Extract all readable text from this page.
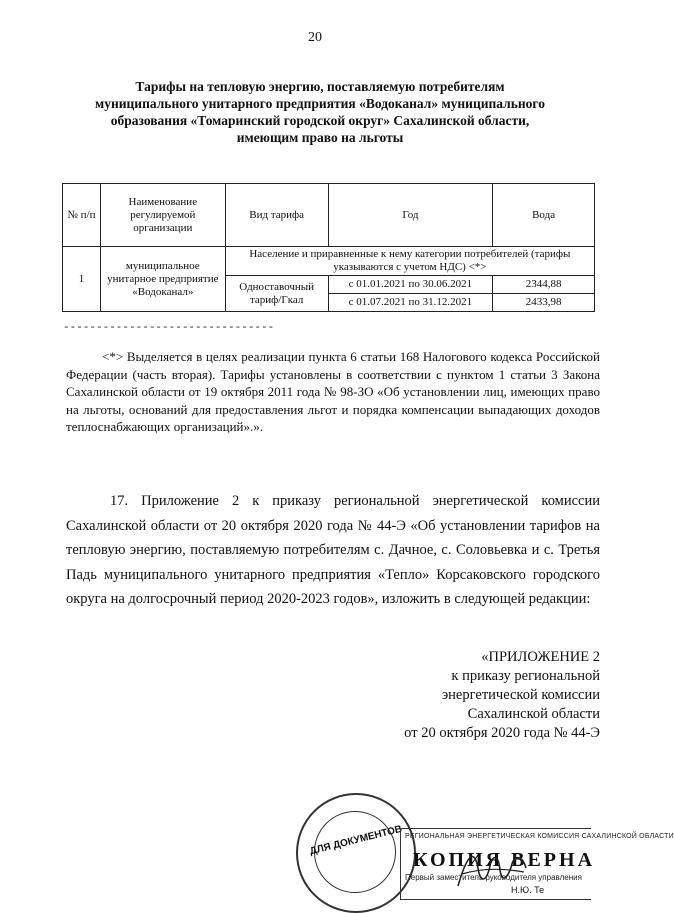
20
Тарифы на тепловую энергию, поставляемую потребителям
муниципального унитарного предприятия «Водоканал» муниципального
образования «Томаринский городской округ» Сахалинской области,
имеющим право на льготы
№ п/п	Наименование регулируемой организации	Вид тарифа	Год	Вода
1	муниципальное унитарное предприятие «Водоканал»	Население и приравненные к нему категории потребителей (тарифы указываются с учетом НДС) <*>		
		Одноставочный тариф/Гкал	с 01.01.2021 по 30.06.2021	2344,88
			с 01.07.2021 по 31.12.2021	2433,98
--------------------------------

<*> Выделяется в целях реализации пункта 6 статьи 168 Налогового кодекса Российской Федерации (часть вторая). Тарифы установлены в соответствии с пунктом 1 статьи 3 Закона Сахалинской области от 19 октября 2011 года № 98-ЗО «Об установлении лиц, имеющих право на льготы, оснований для предоставления льгот и порядка компенсации выпадающих доходов теплоснабжающих организаций».».

17. Приложение 2 к приказу региональной энергетической комиссии Сахалинской области от 20 октября 2020 года № 44-Э «Об установлении тарифов на тепловую энергию, поставляемую потребителям с. Дачное, с. Соловьевка и с. Третья Падь муниципального унитарного предприятия «Тепло» Корсаковского городского округа на долгосрочный период 2020-2023 годов», изложить в следующей редакции:

«ПРИЛОЖЕНИЕ 2
к приказу региональной
энергетической комиссии
Сахалинской области
от 20 октября 2020 года № 44-Э
ДЛЯ ДОКУМЕНТОВ РЕГИОНАЛЬНАЯ ЭНЕРГЕТИЧЕСКАЯ КОМИССИЯ САХАЛИНСКОЙ ОБЛАСТИ
КОПИЯ ВЕРНА
Первый заместитель руководителя управления
Н.Ю. Те
